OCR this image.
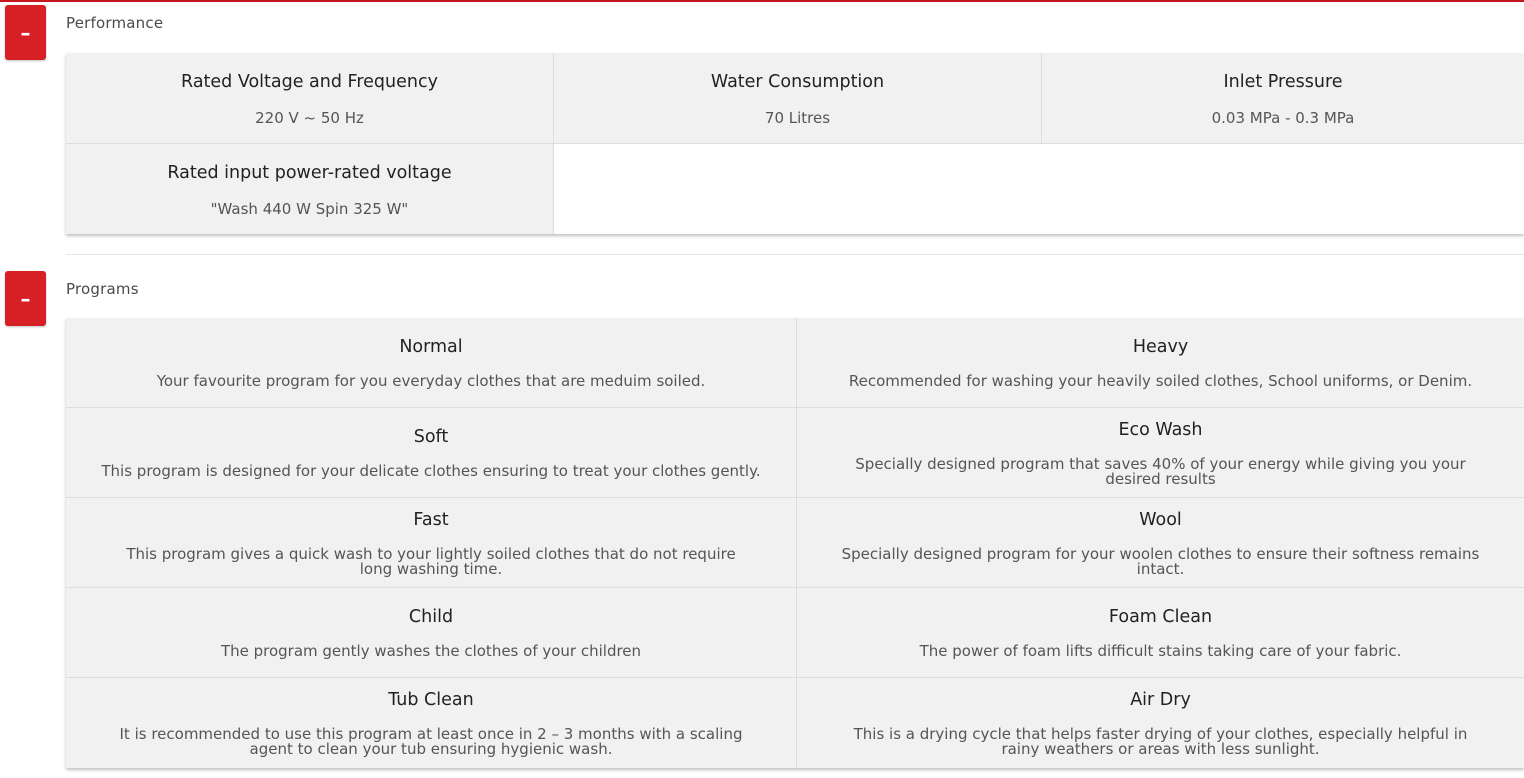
– Performance
Rated Voltage and Frequency
220 V ~ 50 Hz
Water Consumption
70 Litres
Inlet Pressure
0.03 MPa - 0.3 MPa
Rated input power-rated voltage
"Wash 440 W Spin 325 W"
– Programs
Normal
Your favourite program for you everyday clothes that are meduim soiled.
Heavy
Recommended for washing your heavily soiled clothes, School uniforms, or Denim.
Soft
This program is designed for your delicate clothes ensuring to treat your clothes gently.
Eco Wash
Specially designed program that saves 40% of your energy while giving you your desired results
Fast
This program gives a quick wash to your lightly soiled clothes that do not require long washing time.
Wool
Specially designed program for your woolen clothes to ensure their softness remains intact.
Child
The program gently washes the clothes of your children
Foam Clean
The power of foam lifts difficult stains taking care of your fabric.
Tub Clean
It is recommended to use this program at least once in 2 – 3 months with a scaling agent to clean your tub ensuring hygienic wash.
Air Dry
This is a drying cycle that helps faster drying of your clothes, especially helpful in rainy weathers or areas with less sunlight.
